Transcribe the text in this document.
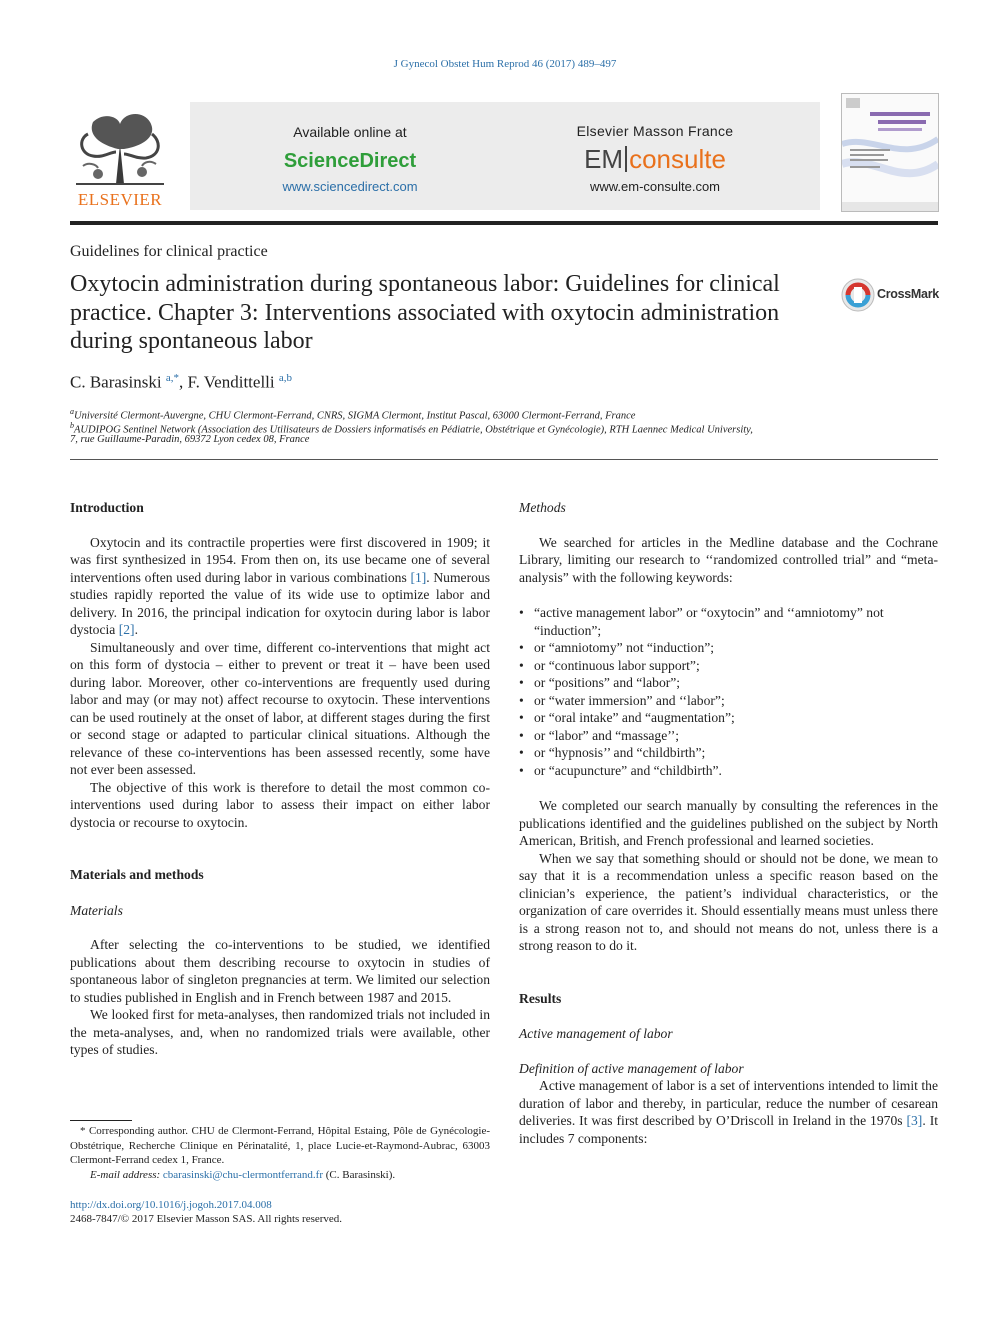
J Gynecol Obstet Hum Reprod 46 (2017) 489–497
ELSEVIER
Available online at
ScienceDirect
www.sciencedirect.com
Elsevier Masson France
EM consulte
www.em-consulte.com
Guidelines for clinical practice
Oxytocin administration during spontaneous labor: Guidelines for clinical practice. Chapter 3: Interventions associated with oxytocin administration during spontaneous labor
CrossMark
C. Barasinski $^{a,*}$, F. Vendittelli $^{a,b}$
$^a$Université Clermont-Auvergne, CHU Clermont-Ferrand, CNRS, SIGMA Clermont, Institut Pascal, 63000 Clermont-Ferrand, France
$^b$AUDIPOG Sentinel Network (Association des Utilisateurs de Dossiers informatisés en Pédiatrie, Obstétrique et Gynécologie), RTH Laennec Medical University,
7, rue Guillaume-Paradin, 69372 Lyon cedex 08, France
Introduction

Oxytocin and its contractile properties were first discovered in 1909; it was first synthesized in 1954. From then on, its use became one of several interventions often used during labor in various combinations [1]. Numerous studies rapidly reported the value of its wide use to optimize labor and delivery. In 2016, the principal indication for oxytocin during labor is labor dystocia [2].

Simultaneously and over time, different co-interventions that might act on this form of dystocia – either to prevent or treat it – have been used during labor. Moreover, other co-interventions are frequently used during labor and may (or may not) affect recourse to oxytocin. These interventions can be used routinely at the onset of labor, at different stages during the first or second stage or adapted to particular clinical situations. Although the relevance of these co-interventions has been assessed recently, some have not ever been assessed.

The objective of this work is therefore to detail the most common co-interventions used during labor to assess their impact on either labor dystocia or recourse to oxytocin.

Materials and methods
Materials

After selecting the co-interventions to be studied, we identified publications about them describing recourse to oxytocin in studies of spontaneous labor of singleton pregnancies at term. We limited our selection to studies published in English and in French between 1987 and 2015.

We looked first for meta-analyses, then randomized trials not included in the meta-analyses, and, when no randomized trials were available, other types of studies.

* Corresponding author. CHU de Clermont-Ferrand, Hôpital Estaing, Pôle de Gynécologie-Obstétrique, Recherche Clinique en Périnatalité, 1, place Lucie-et-Raymond-Aubrac, 63003 Clermont-Ferrand cedex 1, France.
E-mail address: cbarasinski@chu-clermontferrand.fr (C. Barasinski).
http://dx.doi.org/10.1016/j.jogoh.2017.04.008
2468-7847/© 2017 Elsevier Masson SAS. All rights reserved.
Methods

We searched for articles in the Medline database and the Cochrane Library, limiting our research to ‘‘randomized controlled trial” and “meta-analysis” with the following keywords:

• “active management labor” or “oxytocin” and ‘‘amniotomy” not “induction”;
• or “amniotomy” not “induction”;
• or “continuous labor support”;
• or “positions” and “labor”;
• or “water immersion” and ‘‘labor”;
• or “oral intake” and “augmentation”;
• or “labor” and “massage’’;
• or “hypnosis’’ and “childbirth”;
• or “acupuncture” and “childbirth”.

We completed our search manually by consulting the references in the publications identified and the guidelines published on the subject by North American, British, and French professional and learned societies.

When we say that something should or should not be done, we mean to say that it is a recommendation unless a specific reason based on the clinician’s experience, the patient’s individual characteristics, or the organization of care overrides it. Should essentially means must unless there is a strong reason not to, and should not means do not, unless there is a strong reason to do it.

Results
Active management of labor
Definition of active management of labor

Active management of labor is a set of interventions intended to limit the duration of labor and thereby, in particular, reduce the number of cesarean deliveries. It was first described by O’Driscoll in Ireland in the 1970s [3]. It includes 7 components:
